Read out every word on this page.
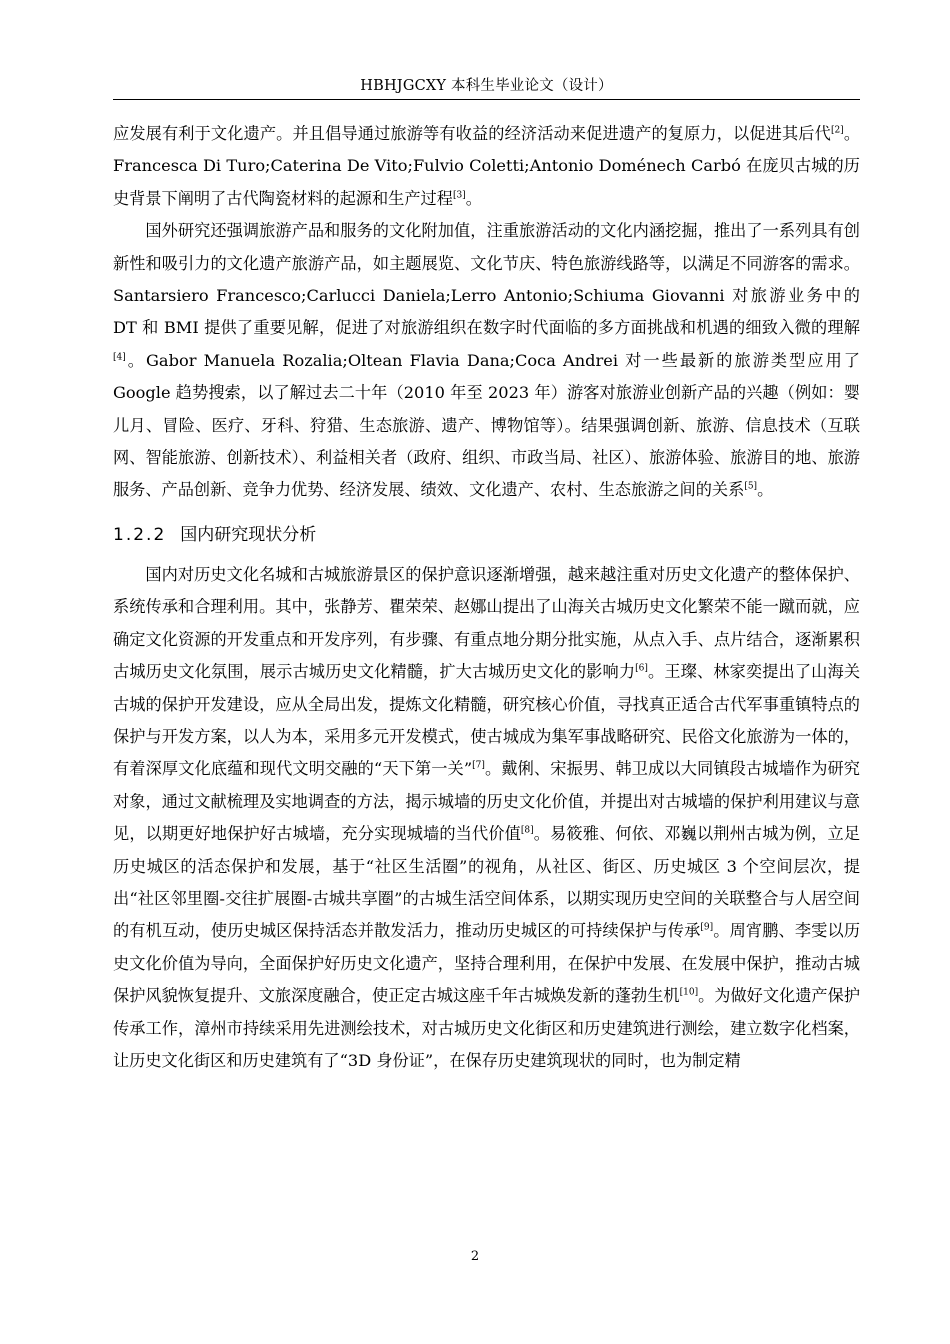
HBHJGCXY 本科生毕业论文（设计）

应发展有利于文化遗产。并且倡导通过旅游等有收益的经济活动来促进遗产的复原力，以促进其后代[2]。Francesca Di Turo;Caterina De Vito;Fulvio Coletti;Antonio Doménech Carbó 在庞贝古城的历史背景下阐明了古代陶瓷材料的起源和生产过程[3]。

国外研究还强调旅游产品和服务的文化附加值，注重旅游活动的文化内涵挖掘，推出了一系列具有创新性和吸引力的文化遗产旅游产品，如主题展览、文化节庆、特色旅游线路等，以满足不同游客的需求。Santarsiero Francesco;Carlucci Daniela;Lerro Antonio;Schiuma Giovanni 对旅游业务中的 DT 和 BMI 提供了重要见解，促进了对旅游组织在数字时代面临的多方面挑战和机遇的细致入微的理解[4]。Gabor Manuela Rozalia;Oltean Flavia Dana;Coca Andrei 对一些最新的旅游类型应用了 Google 趋势搜索，以了解过去二十年（2010 年至 2023 年）游客对旅游业创新产品的兴趣（例如：婴儿月、冒险、医疗、牙科、狩猎、生态旅游、遗产、博物馆等）。结果强调创新、旅游、信息技术（互联网、智能旅游、创新技术）、利益相关者（政府、组织、市政当局、社区）、旅游体验、旅游目的地、旅游服务、产品创新、竞争力优势、经济发展、绩效、文化遗产、农村、生态旅游之间的关系[5]。

1.2.2 国内研究现状分析

国内对历史文化名城和古城旅游景区的保护意识逐渐增强，越来越注重对历史文化遗产的整体保护、系统传承和合理利用。其中，张静芳、瞿荣荣、赵娜山提出了山海关古城历史文化繁荣不能一蹴而就，应确定文化资源的开发重点和开发序列，有步骤、有重点地分期分批实施，从点入手、点片结合，逐渐累积古城历史文化氛围，展示古城历史文化精髓，扩大古城历史文化的影响力[6]。王璨、林家奕提出了山海关古城的保护开发建设，应从全局出发，提炼文化精髓，研究核心价值，寻找真正适合古代军事重镇特点的保护与开发方案，以人为本，采用多元开发模式，使古城成为集军事战略研究、民俗文化旅游为一体的，有着深厚文化底蕴和现代文明交融的“天下第一关”[7]。戴俐、宋振男、韩卫成以大同镇段古城墙作为研究对象，通过文献梳理及实地调查的方法，揭示城墙的历史文化价值，并提出对古城墙的保护利用建议与意见，以期更好地保护好古城墙，充分实现城墙的当代价值[8]。易筱雅、何依、邓巍以荆州古城为例，立足历史城区的活态保护和发展，基于“社区生活圈”的视角，从社区、街区、历史城区 3 个空间层次，提出“社区邻里圈-交往扩展圈-古城共享圈”的古城生活空间体系，以期实现历史空间的关联整合与人居空间的有机互动，使历史城区保持活态并散发活力，推动历史城区的可持续保护与传承[9]。周宵鹏、李雯以历史文化价值为导向，全面保护好历史文化遗产，坚持合理利用，在保护中发展、在发展中保护，推动古城保护风貌恢复提升、文旅深度融合，使正定古城这座千年古城焕发新的蓬勃生机[10]。为做好文化遗产保护传承工作，漳州市持续采用先进测绘技术，对古城历史文化街区和历史建筑进行测绘，建立数字化档案，让历史文化街区和历史建筑有了“3D 身份证”，在保存历史建筑现状的同时，也为制定精

2
